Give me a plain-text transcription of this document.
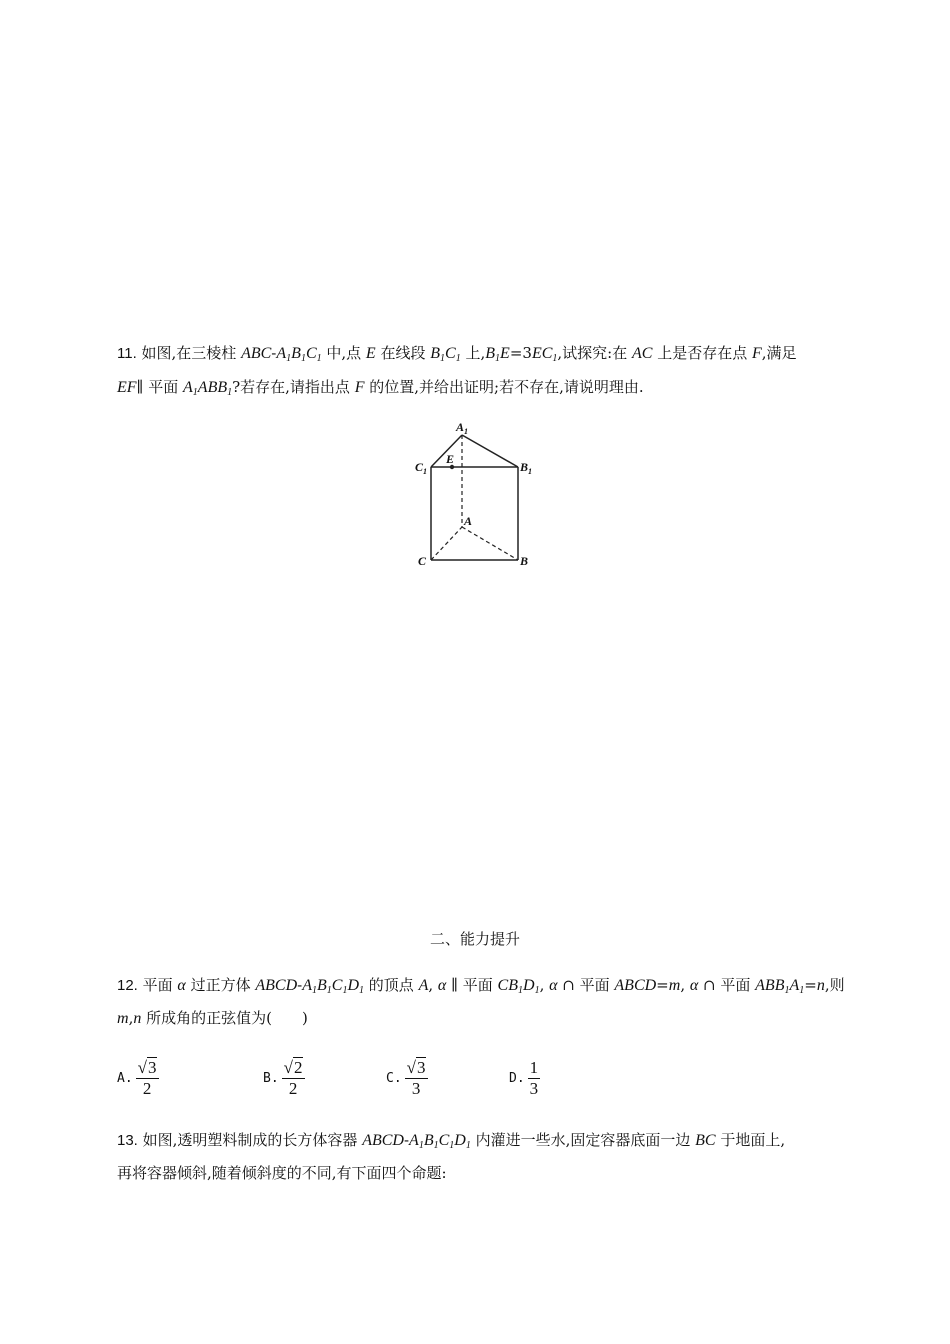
11. 如图,在三棱柱 ABC-$A_1B_1C_1$ 中,点 E 在线段 $B_1C_1$ 上$,B_1E=3EC_1$,试探究:在 AC 上是否存在点 F,满足
EF∥ 平面 $A_1ABB_1$?若存在,请指出点 F 的位置,并给出证明;若不存在,请说明理由.
$A_1$
$C_1$
E
$B_1$
A
C	B
二、能力提升
12. 平面 α 过正方体 ABCD-$A_1B_1C_1D_1$ 的顶点 A, α ∥ 平面 $CB_1D_1$, α ∩ 平面 ABCD=m, α ∩ 平面 $ABB_1A_1=n$,则
m,n 所成角的正弦值为(　　)
A. $\frac{√3}{2}$	B. $\frac{√2}{2}$	C. $\frac{√3}{3}$	D. $\frac{1}{3}$
13. 如图,透明塑料制成的长方体容器 ABCD-$A_1B_1C_1D_1$ 内灌进一些水,固定容器底面一边 BC 于地面上,
再将容器倾斜,随着倾斜度的不同,有下面四个命题:
